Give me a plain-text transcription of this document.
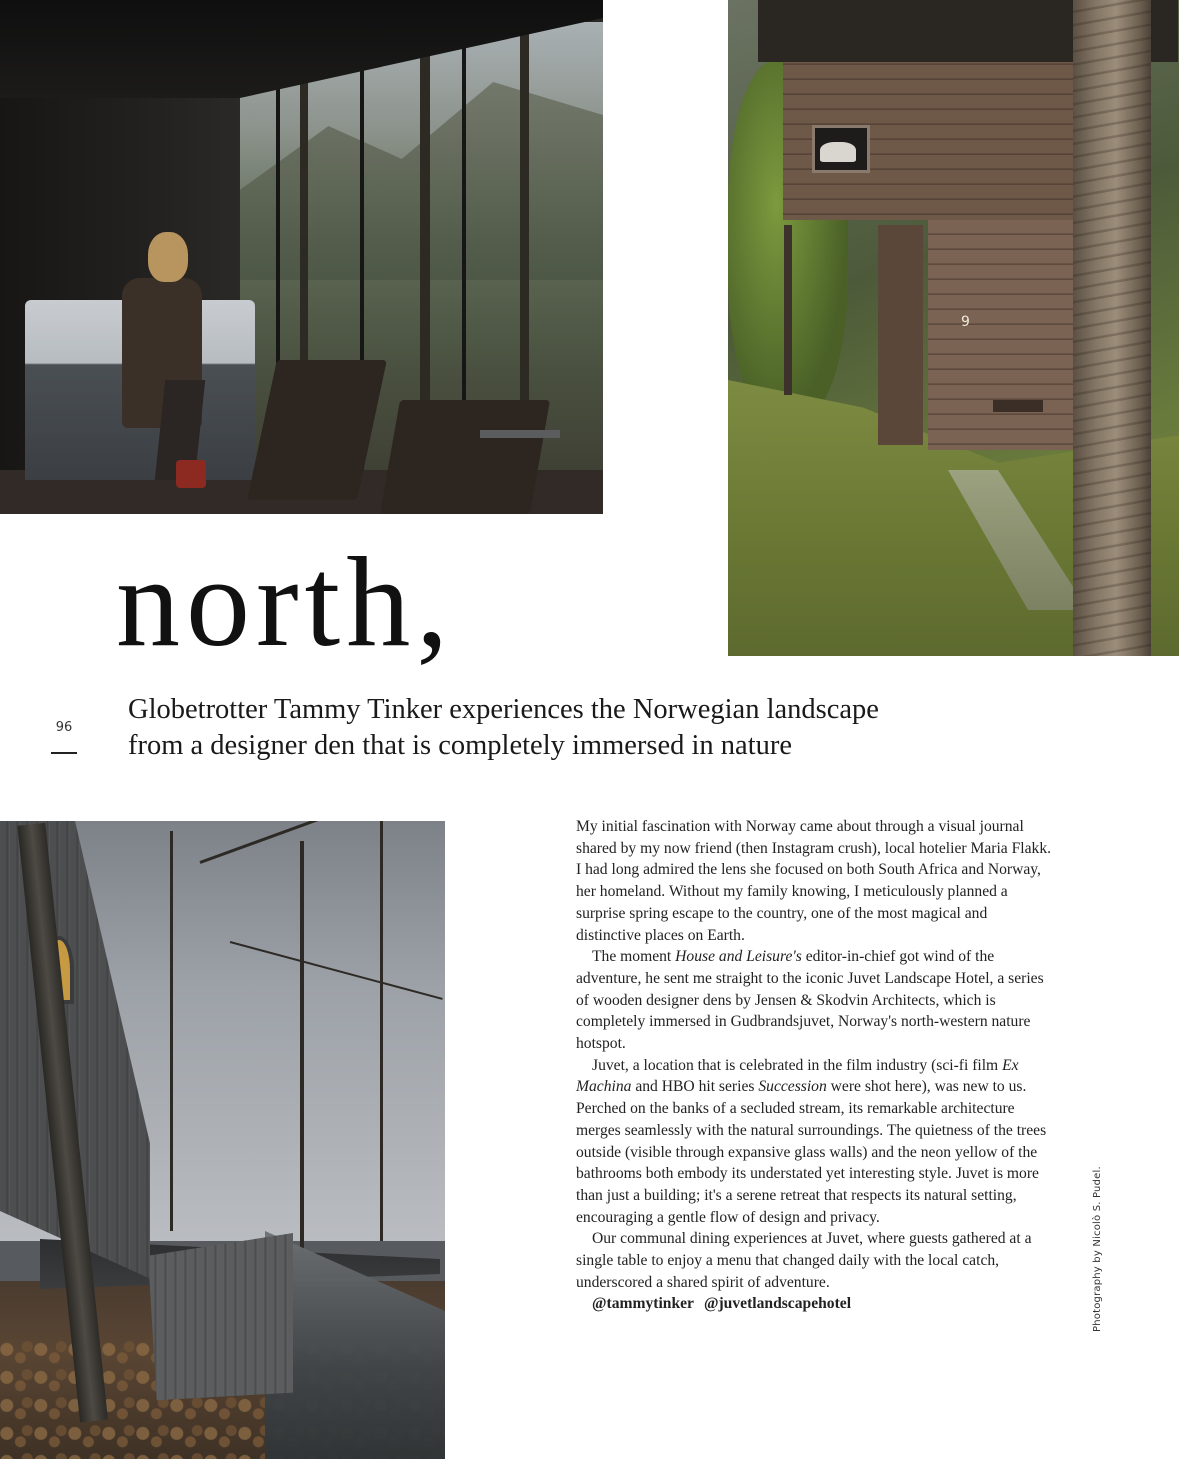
9
north,
96

Globetrotter Tammy Tinker experiences the Norwegian landscape
from a designer den that is completely immersed in nature

My initial fascination with Norway came about through a visual journal shared by my now friend (then Instagram crush), local hotelier Maria Flakk. I had long admired the lens she focused on both South Africa and Norway, her homeland. Without my family knowing, I meticulously planned a surprise spring escape to the country, one of the most magical and distinctive places on Earth.

The moment House and Leisure's editor-in-chief got wind of the adventure, he sent me straight to the iconic Juvet Landscape Hotel, a series of wooden designer dens by Jensen & Skodvin Architects, which is completely immersed in Gudbrandsjuvet, Norway's north-western nature hotspot.

Juvet, a location that is celebrated in the film industry (sci-fi film Ex Machina and HBO hit series Succession were shot here), was new to us. Perched on the banks of a secluded stream, its remarkable architecture merges seamlessly with the natural surroundings. The quietness of the trees outside (visible through expansive glass walls) and the neon yellow of the bathrooms both embody its understated yet interesting style. Juvet is more than just a building; it's a serene retreat that respects its natural setting, encouraging a gentle flow of design and privacy.

Our communal dining experiences at Juvet, where guests gathered at a single table to enjoy a menu that changed daily with the local catch, underscored a shared spirit of adventure.

@tammytinker @juvetlandscapehotel	Photography by Nicolò S. Pudel.
